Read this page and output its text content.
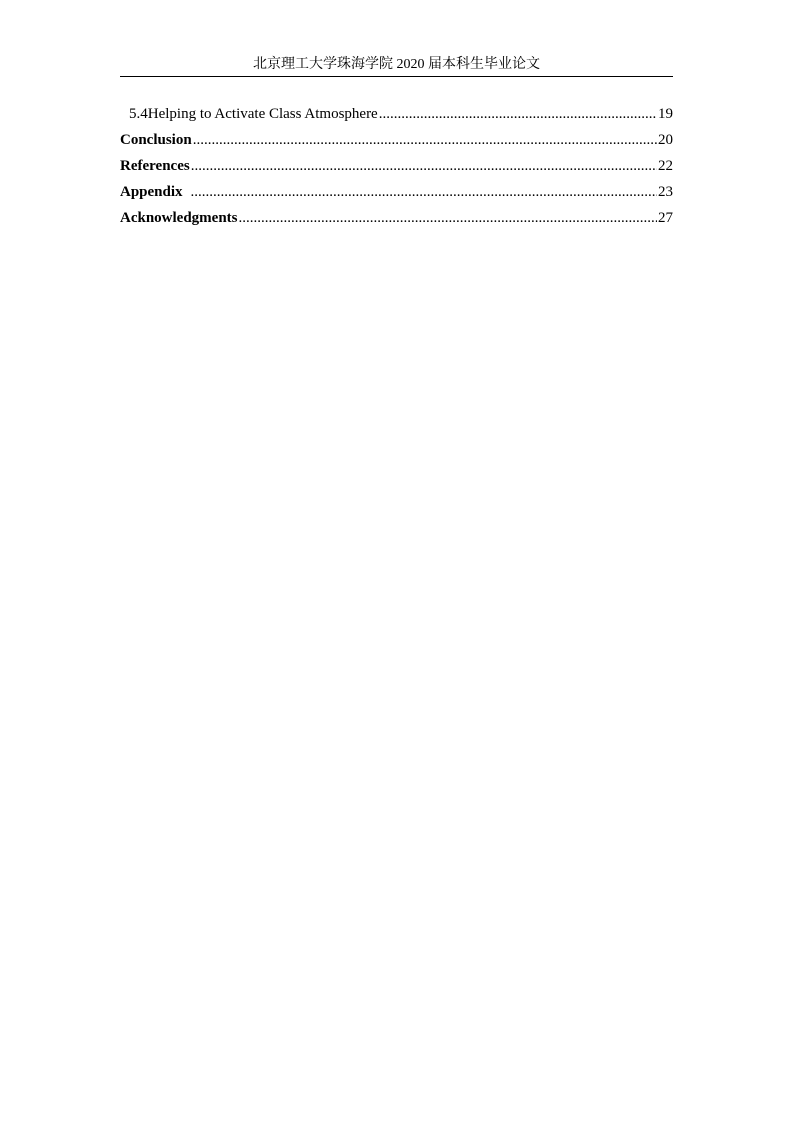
北京理工大学珠海学院 2020 届本科生毕业论文
5.4 Helping to Activate Class Atmosphere .....	19
Conclusion .....	20
References .....	22
Appendix .....	23
Acknowledgments .....	27
